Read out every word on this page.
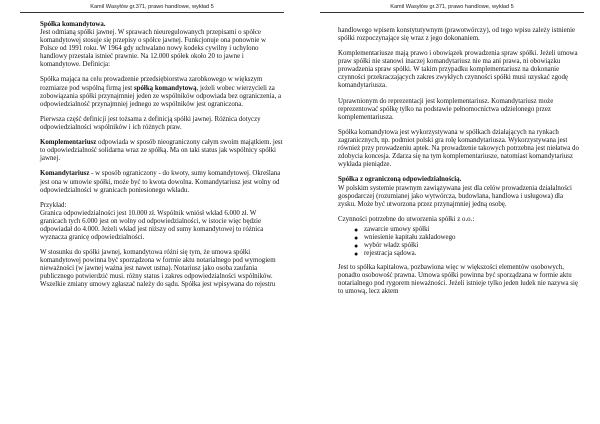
Kamil Wasyłów gr.371, prawo handlowe, wykład 5

Spółka komandytowa.

Jest odmianą spółki jawnej. W sprawach nieuregulowanych przepisami o spółce komandytowej stosuje się przepisy o spółce jawnej. Funkcjonuje ona ponownie w Polsce od 1991 roku. W 1964 gdy uchwalano nowy kodeks cywilny i uchylono handlowy przestała istnieć prawnie. Na 12.000 spółek około 20 to jawne i komandytowe. Definicja:

Spółka mająca na celu prowadzenie przedsiębiorstwa zarobkowego w większym rozmiarze pod wspólną firmą jest spółką komandytową, jeżeli wobec wierzycieli za zobowiązania spółki przynajmniej jeden ze wspólników odpowiada bez ograniczenia, a odpowiedzialność przynajmniej jednego ze wspólników jest ograniczona.

Pierwsza część definicji jest tożsama z definicją spółki jawnej. Różnica dotyczy odpowiedzialności wspólników i ich różnych praw.

Komplementariusz odpowiada w sposób nieograniczony całym swoim majątkiem. jest to odpowiedzialność solidarna wraz ze spółką. Ma on taki status jak wspólnicy spółki jawnej.

Komandytariusz - w sposób ograniczony - do kwoty, sumy komandytowej. Określana jest ona w umowie spółki, może być to kwota dowolna. Komandytariusz jest wolny od odpowiedzialności w granicach poniesionego wkładu.

Przykład:
Granica odpowiedzialności jest 10.000 zł. Wspólnik wniósł wkład 6.000 zł. W granicach tych 6.000 jest on wolny od odpowiedzialności, w istocie więc będzie odpowiadał do 4.000. Jeżeli wkład jest niższy od sumy komandytowej to różnica wyznacza granicę odpowiedzialności.

W stosunku do spółki jawnej, komandytowa różni się tym, że umowa spółki komandytowej powinna być sporządzona w formie aktu notarialnego pod wymogiem nieważności (w jawnej ważna jest nawet ustna). Notariusz jako osoba zaufania publicznego potwierdzić musi. różny status i zakres odpowiedzialności wspólników. Wszelkie zmiany umowy zgłaszać należy do sądu. Spółka jest wpisywana do rejestru

Kamil Wasyłów gr.371, prawo handlowe, wykład 5

handlowego wpisem konstytutywnym (prawotwórczy), od tego wpisu zależy istnienie spółki rozpoczynające się wraz z jego dokonaniem.

Komplementariusze mają prawo i obowiązek prowadzenia spraw spółki. Jeżeli umowa praw spółki nie stanowi inaczej komandytariusz nie ma ani prawa, ni obowiązku prowadzenia spraw spółki. W takim przypadku komplementariusz na dokonanie czynności przekraczających zakres zwykłych czynności spółki musi uzyskać zgodę komandytariusza.

Uprawnionym do reprezentacji jest komplementariusz. Komandytariusz może reprezentować spółkę tylko na podstawie pełnomocnictwa udzielonego przez komplementariusza.

Spółka komandytowa jest wykorzystywana w spółkach działających na rynkach zagranicznych, np. podmiot polski gra rolę komandytariusza. Wykorzystywana jest również przy prowadzeniu aptek. Na prowadzenie takowych potrzebna jest niełatwa do zdobycia koncesja. Zdarza się na tym komplementariusze, natomiast komandytariusz wykłada pieniądze.

Spółka z ograniczoną odpowiedzialnością.

W polskim systemie prawnym zawiązywana jest dla celów prowadzenia działalności gospodarczej (rozumianej jako wytwórcza, budowlana, handlowa i usługowa) dla zysku. Może być utworzona przez przynajmniej jedną osobę.

Czynności potrzebne do utworzenia spółki z o.o.:

● zawarcie umowy spółki
● wniesienie kapitału zakładowego
● wybór władz spółki
● rejestracja sądowa.

Jest to spółka kapitałowa, pozbawiona więc w większości elementów osobowych, ponadto osobowość prawna. Umowa spółki powinna być sporządzana w formie aktu notarialnego pod rygorem nieważności. Jeżeli istnieje tylko jeden ludek nie nazywa się to umową, lecz aktem
